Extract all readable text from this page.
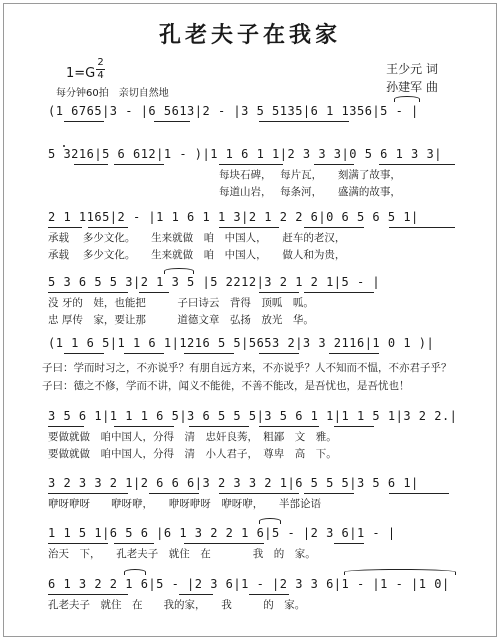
孔老夫子在我家
1=G
2
4
每分钟60拍　亲切自然地
王少元 词
孙建军 曲
(1 6765|3 - |6 5613|2 - |3 5 5135|6 1 1356|5 - |
5 3216|5 6 612|1 - )|1 1 6 1 1|2 3 3 3|0 5 6 1 3 3|
每块石碑，　 每片瓦，　　刻满了故事，
每道山岩，　 每条河，　　盛满的故事，
2 1 1165|2 - |1 1 6 1 1 3|2 1 2 2 6|0 6 5 6 5 1|
承载　 多少文化。　　生来就做　咱　中国人，　　赶车的老汉，
承载　 多少文化。　　生来就做　咱　中国人，　　做人和为贵，
5 3 6 5 5 3|2 1 3 5 |5 2212|3 2 1 2 1|5 - |
没 牙的　娃，也能把　　　子曰诗云　背得　顶呱　呱。
忠 厚传　家，要让那　　　道德文章　弘扬　放光　华。
(1 1 6 5|1 1 6 1|1216 5 5|5653 2|3 3 2116|1 0 1 )|
子曰：学而时习之，不亦说乎？有朋自远方来，不亦说乎？人不知而不愠，不亦君子乎？
子曰：德之不修，学而不讲，闻义不能徙，不善不能改，是吾忧也，是吾忧也！
3 5 6 1|1 1 1 6 5|3 6 5 5 5|3 5 6 1 1|1 1 5 1|3 2 2.|
要做就做　咱中国人，分得　清　忠奸良莠，　粗鄙　文　雅。
要做就做　咱中国人，分得　清　小人君子，　尊卑　高　下。
3 2 3 3 2 1|2 6 6 6|3 2 3 3 2 1|6 5 5 5|3 5 6 1|
咿呀咿呀　　咿呀咿，　　咿呀咿呀　咿呀咿，　　半部论语
1 1 5 1|6 5 6 |6 1 3 2 2 1 6|5 - |2 3 6|1 - |
治天　下，　　孔老夫子　就住　在　　　　我　的　家。
6 1 3 2 2 1 6|5 - |2 3 6|1 - |2 3 3 6|1 - |1 - |1 0|
孔老夫子　就住　在　　我的家，　　我　　　的　家。
